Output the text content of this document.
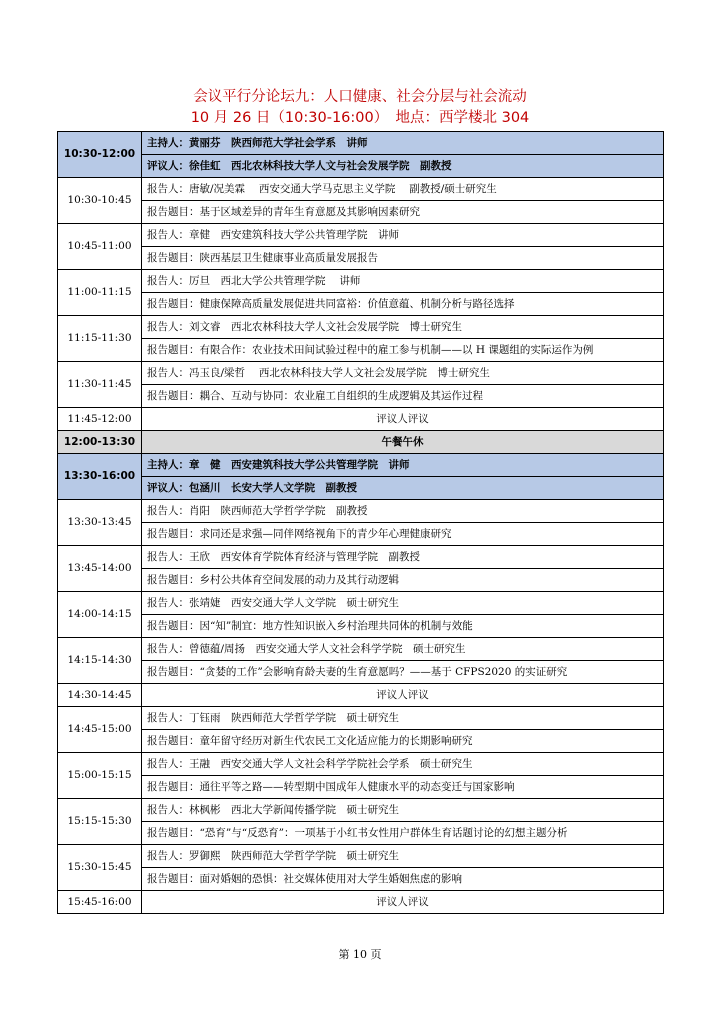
会议平行分论坛九：人口健康、社会分层与社会流动
10 月 26 日（10:30-16:00）　地点：西学楼北 304
10:30-12:00	主持人：黄丽芬　陕西师范大学社会学系　讲师
	评议人：徐佳虹　西北农林科技大学人文与社会发展学院　副教授
10:30-10:45	报告人：唐敏/况美霖　 西安交通大学马克思主义学院　 副教授/硕士研究生
	报告题目：基于区域差异的青年生育意愿及其影响因素研究
10:45-11:00	报告人：章健　西安建筑科技大学公共管理学院　讲师
	报告题目：陕西基层卫生健康事业高质量发展报告
11:00-11:15	报告人：厉旦　西北大学公共管理学院　 讲师
	报告题目：健康保障高质量发展促进共同富裕：价值意蕴、机制分析与路径选择
11:15-11:30	报告人：刘文睿　西北农林科技大学人文社会发展学院　博士研究生
	报告题目：有限合作：农业技术田间试验过程中的雇工参与机制——以 H 课题组的实际运作为例
11:30-11:45	报告人：冯玉良/梁哲　 西北农林科技大学人文社会发展学院　博士研究生
	报告题目：耦合、互动与协同：农业雇工自组织的生成逻辑及其运作过程
11:45-12:00	评议人评议
12:00-13:30	午餐午休
13:30-16:00	主持人：章　健　西安建筑科技大学公共管理学院　讲师
	评议人：包涵川　长安大学人文学院　副教授
13:30-13:45	报告人：肖阳　陕西师范大学哲学学院　副教授
	报告题目：求同还是求强—同伴网络视角下的青少年心理健康研究
13:45-14:00	报告人：王欣　西安体育学院体育经济与管理学院　副教授
	报告题目：乡村公共体育空间发展的动力及其行动逻辑
14:00-14:15	报告人：张靖婕　西安交通大学人文学院　硕士研究生
	报告题目：因“知”制宜：地方性知识嵌入乡村治理共同体的机制与效能
14:15-14:30	报告人：曾德蕴/周扬　西安交通大学人文社会科学学院　硕士研究生
	报告题目：“贪婪的工作”会影响育龄夫妻的生育意愿吗？——基于 CFPS2020 的实证研究
14:30-14:45	评议人评议
14:45-15:00	报告人：丁钰雨　陕西师范大学哲学学院　硕士研究生
	报告题目：童年留守经历对新生代农民工文化适应能力的长期影响研究
15:00-15:15	报告人：王融　西安交通大学人文社会科学学院社会学系　硕士研究生
	报告题目：通往平等之路——转型期中国成年人健康水平的动态变迁与国家影响
15:15-15:30	报告人：林枫彬　西北大学新闻传播学院　硕士研究生
	报告题目：“恐育”与“反恐育”：一项基于小红书女性用户群体生育话题讨论的幻想主题分析
15:30-15:45	报告人：罗御熙　陕西师范大学哲学学院　硕士研究生
	报告题目：面对婚姻的恐惧：社交媒体使用对大学生婚姻焦虑的影响
15:45-16:00	评议人评议
第 10 页
